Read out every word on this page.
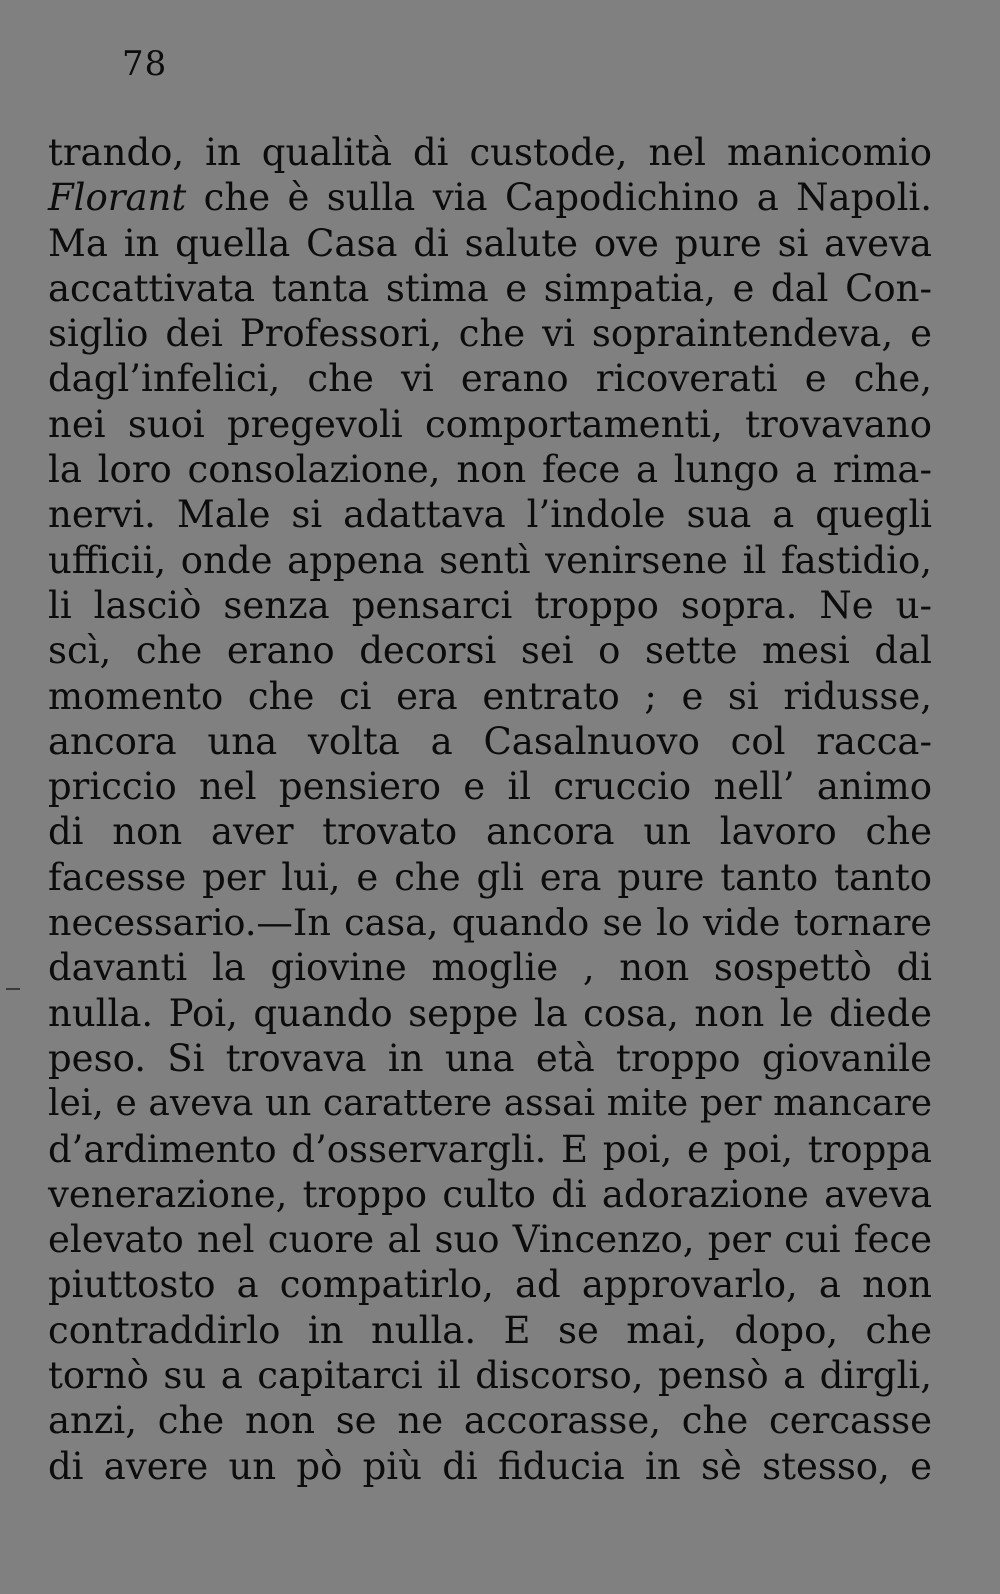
78
trando, in qualità di custode, nel manicomio
Florant che è sulla via Capodichino a Napoli.
Ma in quella Casa di salute ove pure si aveva
accattivata tanta stima e simpatia, e dal Con-
siglio dei Professori, che vi sopraintendeva, e
dagl’infelici, che vi erano ricoverati e che,
nei suoi pregevoli comportamenti, trovavano
la loro consolazione, non fece a lungo a rima-
nervi. Male si adattava l’indole sua a quegli
ufficii, onde appena sentì venirsene il fastidio,
li lasciò senza pensarci troppo sopra. Ne u-
scì, che erano decorsi sei o sette mesi dal
momento che ci era entrato ; e si ridusse,
ancora una volta a Casalnuovo col racca-
priccio nel pensiero e il cruccio nell’ animo
di non aver trovato ancora un lavoro che
facesse per lui, e che gli era pure tanto tanto
necessario.—In casa, quando se lo vide tornare
davanti la giovine moglie , non sospettò di
nulla. Poi, quando seppe la cosa, non le diede
peso. Si trovava in una età troppo giovanile
lei, e aveva un carattere assai mite per mancare
d’ardimento d’osservargli. E poi, e poi, troppa
venerazione, troppo culto di adorazione aveva
elevato nel cuore al suo Vincenzo, per cui fece
piuttosto a compatirlo, ad approvarlo, a non
contraddirlo in nulla. E se mai, dopo, che
tornò su a capitarci il discorso, pensò a dirgli,
anzi, che non se ne accorasse, che cercasse
di avere un pò più di fiducia in sè stesso, e
